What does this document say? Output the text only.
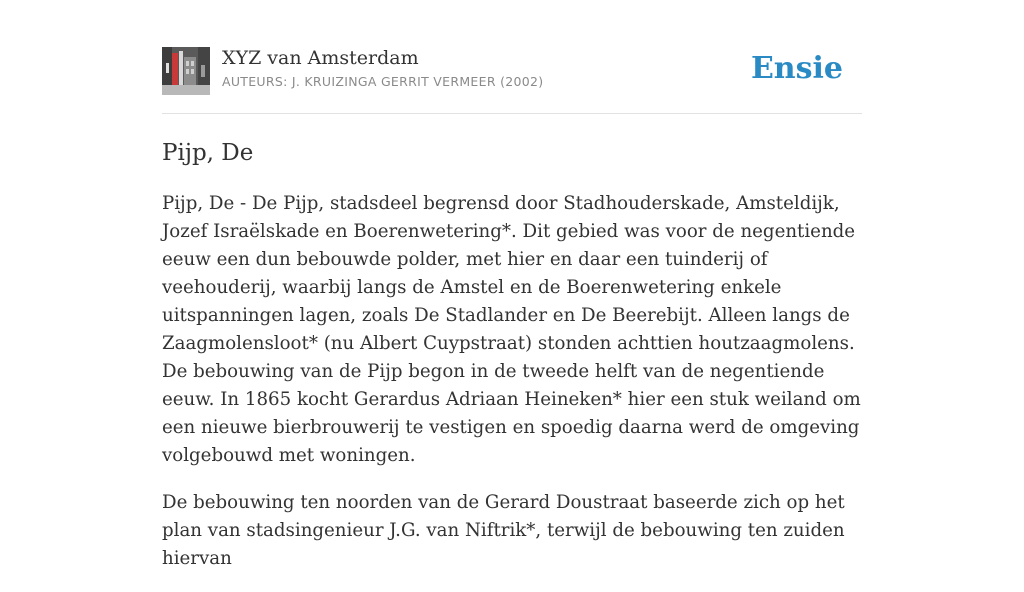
XYZ van Amsterdam
AUTEURS: J. KRUIZINGA GERRIT VERMEER (2002)	Ensie
Pijp, De

Pijp, De - De Pijp, stadsdeel begrensd door Stadhouderskade, Amsteldijk, Jozef Israëlskade en Boerenwetering*. Dit gebied was voor de negentiende eeuw een dun bebouwde polder, met hier en daar een tuinderij of veehouderij, waarbij langs de Amstel en de Boerenwetering enkele uitspanningen lagen, zoals De Stadlander en De Beerebijt. Alleen langs de Zaagmolensloot* (nu Albert Cuypstraat) stonden achttien houtzaagmolens. De bebouwing van de Pijp begon in de tweede helft van de negentiende eeuw. In 1865 kocht Gerardus Adriaan Heineken* hier een stuk weiland om een nieuwe bierbrouwerij te vestigen en spoedig daarna werd de omgeving volgebouwd met woningen.

De bebouwing ten noorden van de Gerard Doustraat baseerde zich op het plan van stadsingenieur J.G. van Niftrik*, terwijl de bebouwing ten zuiden hiervan
